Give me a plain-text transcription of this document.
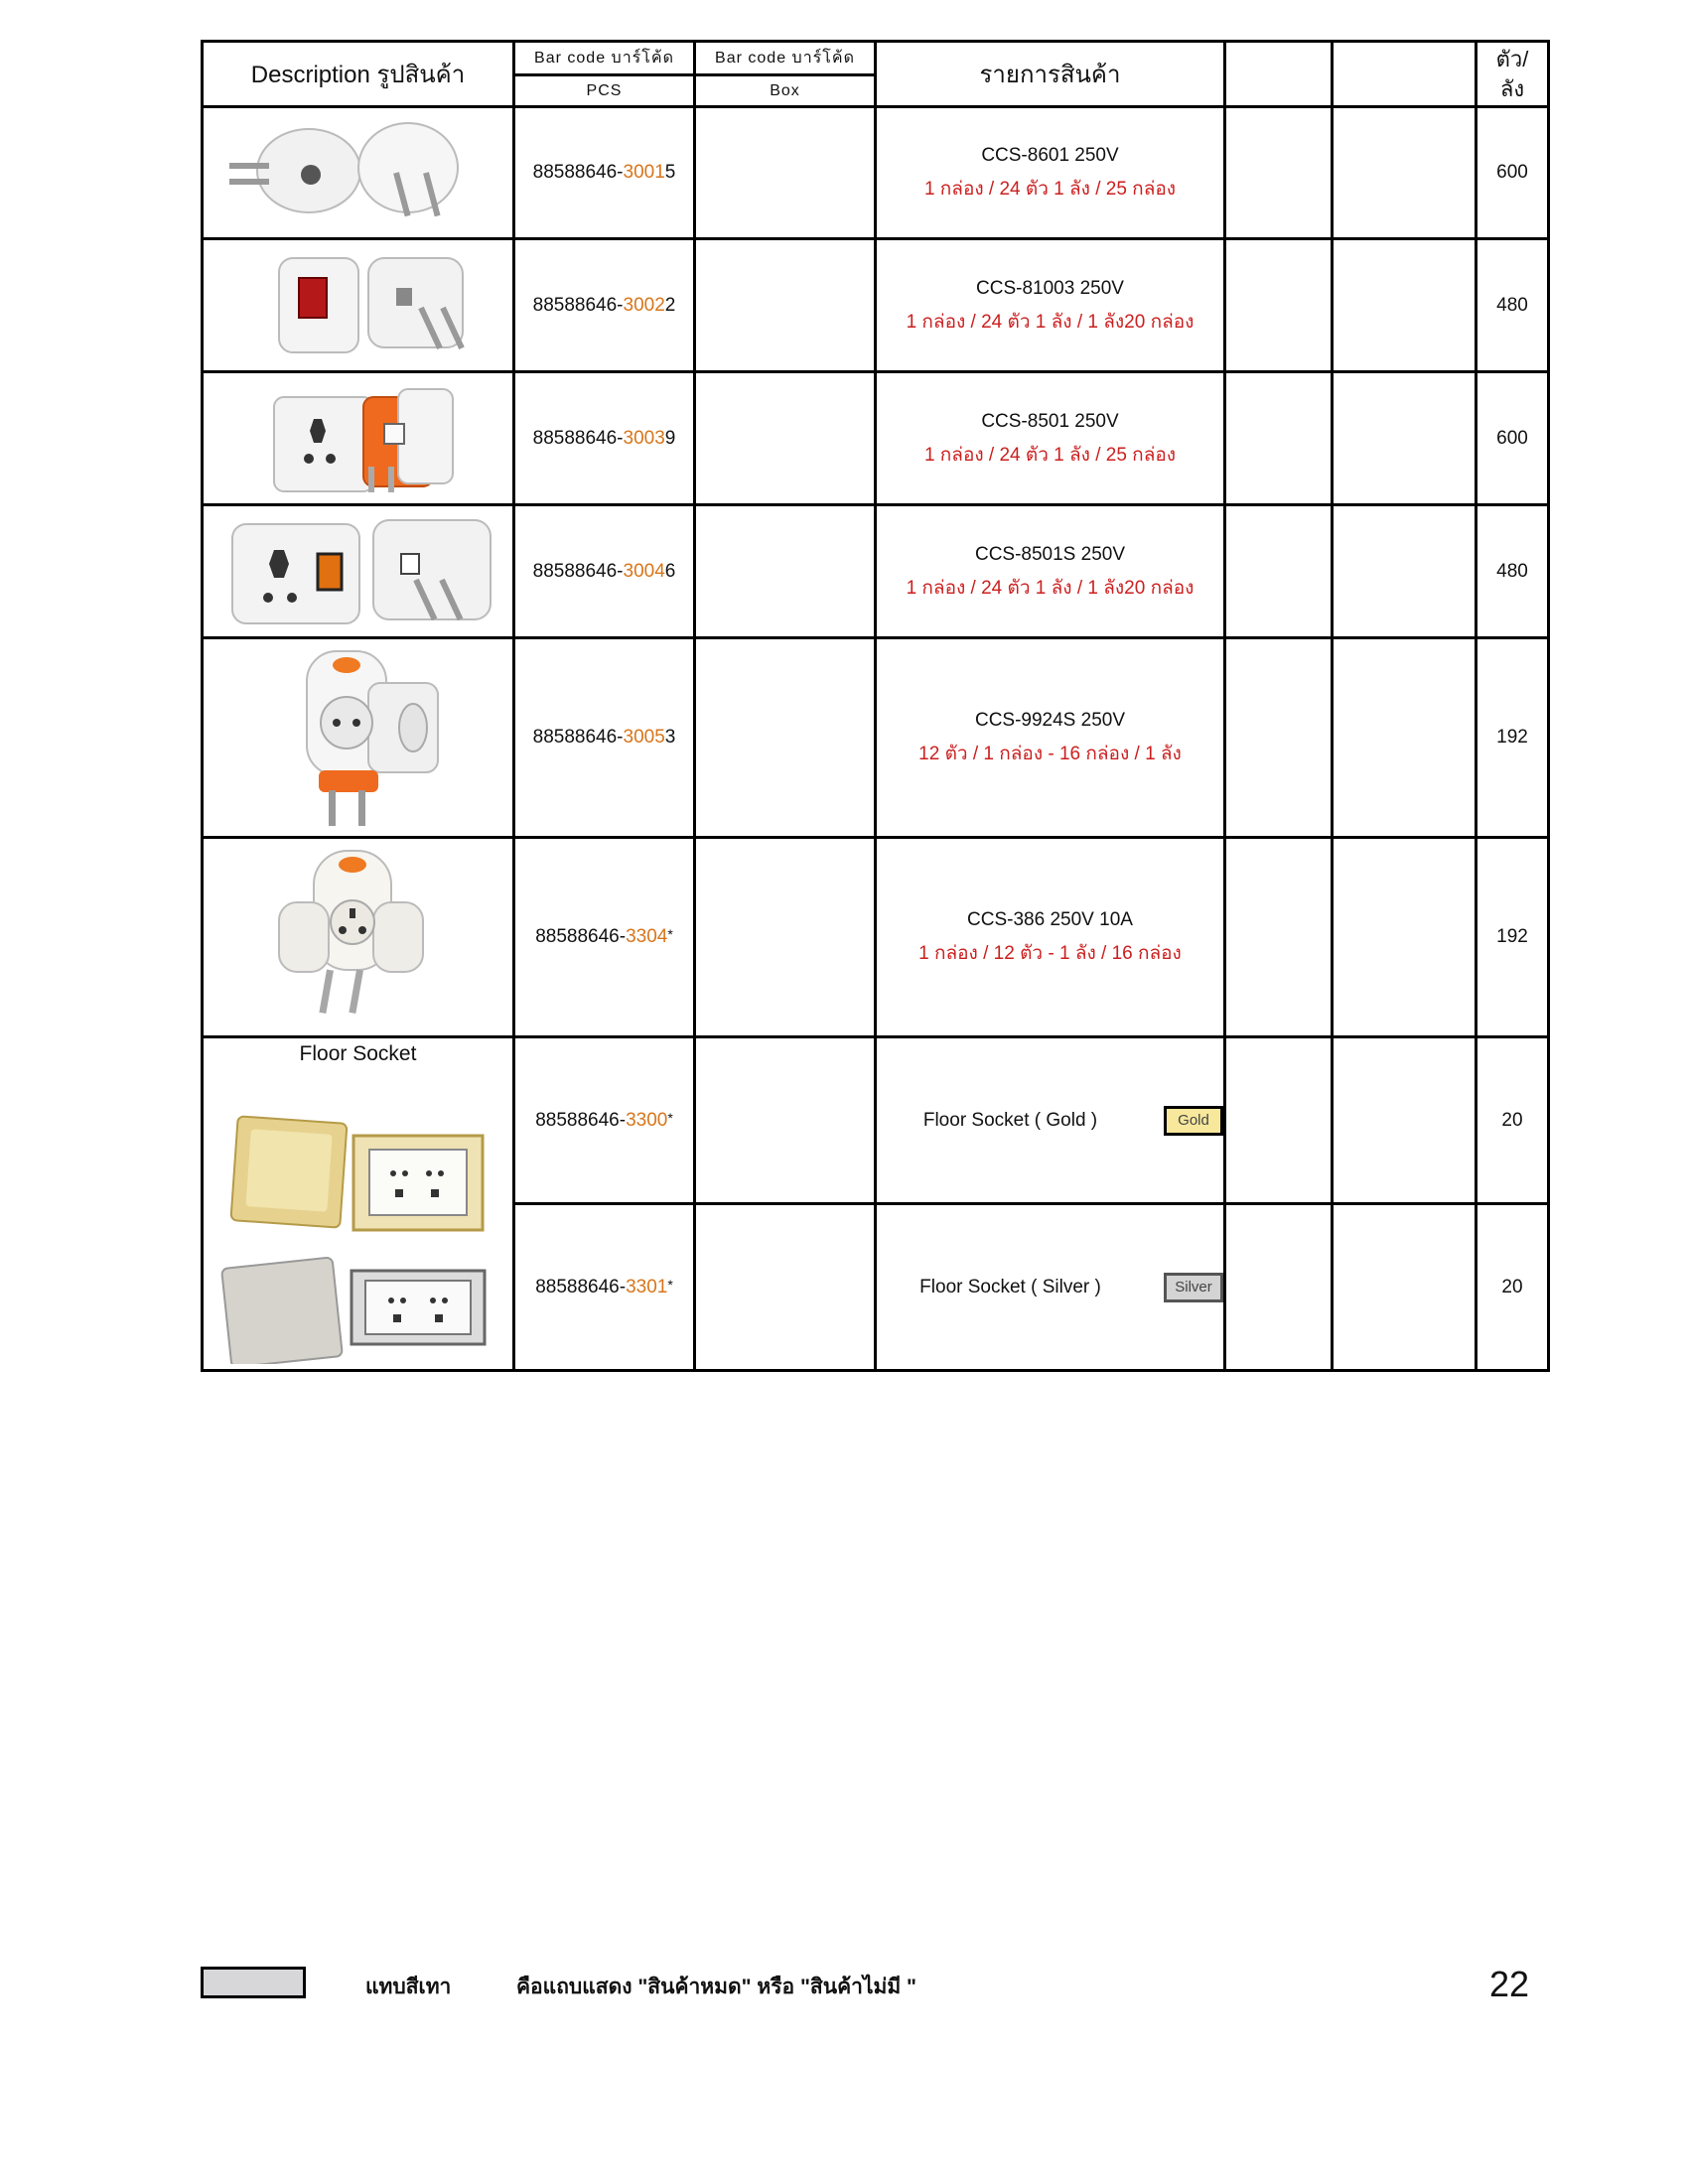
Description รูปสินค้า	Bar code บาร์โค้ด	Bar code บาร์โค้ด	รายการสินค้า			ตัว/
ลัง

	PCS	Box				

	88588646-30015		CCS-8601 250V
1 กล่อง / 24 ตัว 1 ลัง / 25 กล่อง			600

	88588646-30022		CCS-81003 250V
1 กล่อง / 24 ตัว 1 ลัง / 1 ลัง20 กล่อง			480

	88588646-30039		CCS-8501 250V
1 กล่อง / 24 ตัว 1 ลัง / 25 กล่อง			600

	88588646-30046		CCS-8501S 250V
1 กล่อง / 24 ตัว 1 ลัง / 1 ลัง20 กล่อง			480

	88588646-30053		CCS-9924S 250V
12 ตัว / 1 กล่อง - 16 กล่อง / 1 ลัง			192

	88588646-3304*		CCS-386 250V 10A
1 กล่อง / 12 ตัว - 1 ลัง / 16 กล่อง			192

Floor Socket	88588646-3300*		Floor Socket ( Gold ) Gold			20
	88588646-3301*		Floor Socket ( Silver ) Silver			20
แทบสีเทา	คือแถบแสดง "สินค้าหมด" หรือ "สินค้าไม่มี "	22
